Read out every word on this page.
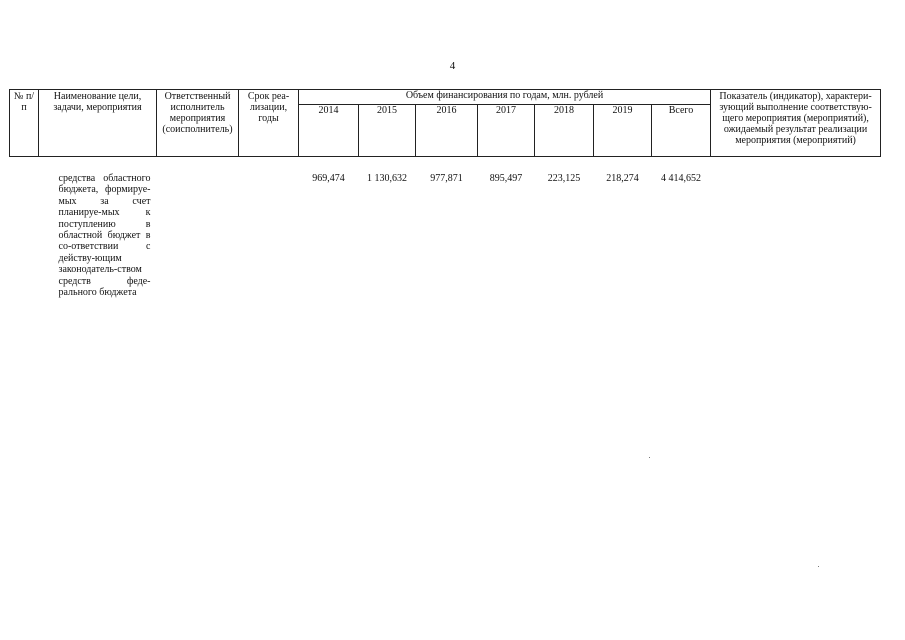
4
№ п/п	Наименование цели, задачи, мероприятия	Ответственный исполнитель мероприятия (соисполнитель)	Срок реа-лизации, годы	Объем финансирования по годам, млн. рублей							Показатель (индикатор), характери-зующий выполнение соответствую-щего мероприятия (мероприятий), ожидаемый результат реализации мероприятия (мероприятий)
				2014	2015	2016	2017	2018	2019	Всего	
	средства областного бюджета, формируе-мых за счет планируе-мых к поступлению в областной бюджет в со-ответствии с действу-ющим законодатель-ством средств феде-рального бюджета			969,474	1 130,632	977,871	895,497	223,125	218,274	4 414,652	
